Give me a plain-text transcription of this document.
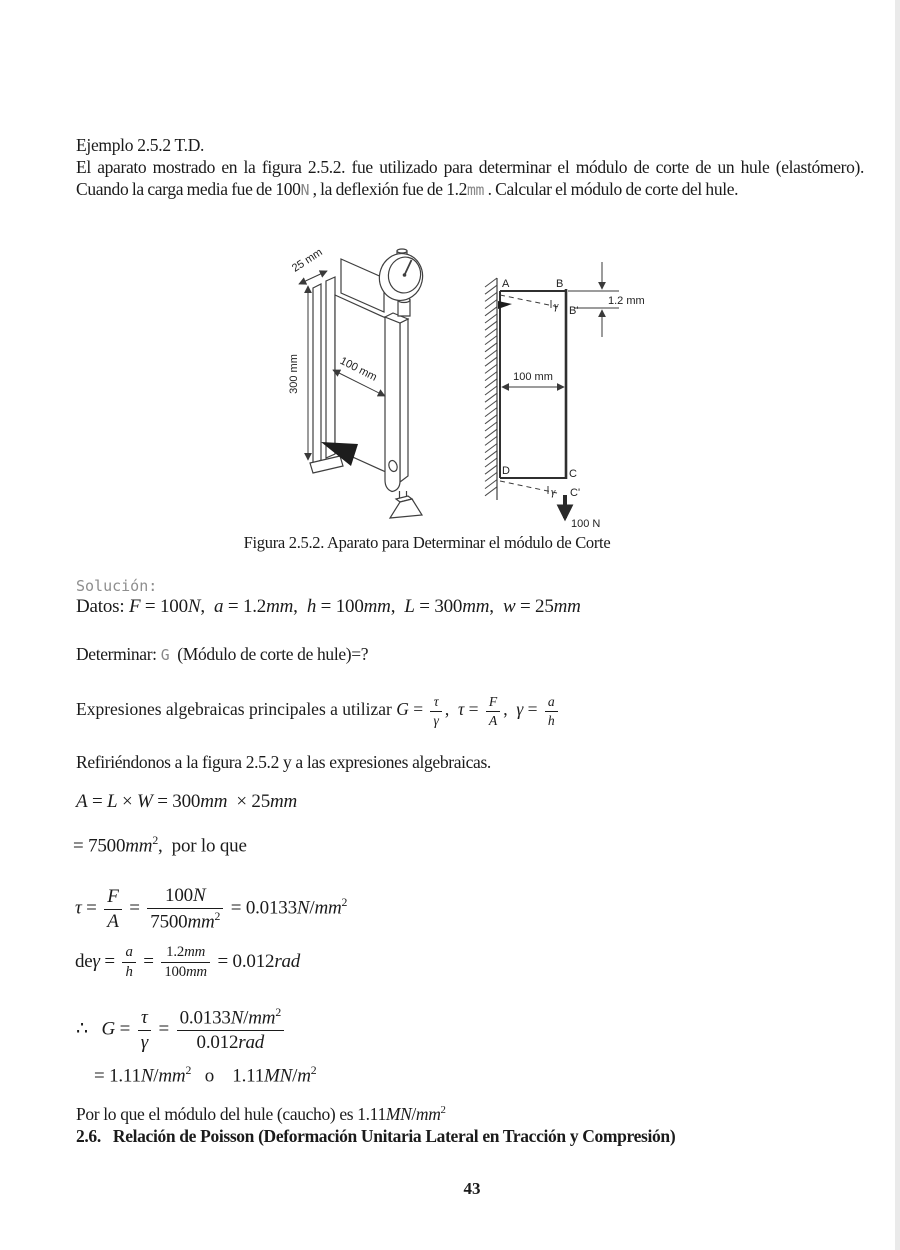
Ejemplo 2.5.2 T.D.
El aparato mostrado en la figura 2.5.2. fue utilizado para determinar el módulo de corte de un hule (elastómero). Cuando la carga media fue de 100N , la deflexión fue de 1.2mm . Calcular el módulo de corte del hule.
25 mm
300 mm	100 mm
γ
γ
A	B
B'
D	C
C'
1.2 mm
100 mm
100 N
Figura 2.5.2. Aparato para Determinar el módulo de Corte
Solución:
Datos: F = 100N,  a = 1.2mm,  h = 100mm,  L = 300mm,  w = 25mm
Determinar: G  (Módulo de corte de hule)=?
Expresiones algebraicas principales a utilizar $G = \frac{\tau}{\gamma}$ ,  $\tau = \frac{F}{A}$ ,  $\gamma = \frac{a}{h}$
Refiriéndonos a la figura 2.5.2 y a las expresiones algebraicas.
A = L × W = 300mm  × 25mm
= $7500mm^2$,  por lo que
$\tau = \frac{F}{A} = \frac{100N}{7500mm^2} = 0.0133N/mm^2$
$de\gamma = \frac{a}{h} = \frac{1.2mm}{100mm} = 0.012rad$
∴   $G = \frac{\tau}{\gamma} = \frac{0.0133N/mm^2}{\text{0.012rad}}$
= $1.11N/mm^2$   o    $1.11MN/m^2$
Por lo que el módulo del hule (caucho) es $1.11MN/mm^2$
2.6.   Relación de Poisson (Deformación Unitaria Lateral en Tracción y Compresión)
43
